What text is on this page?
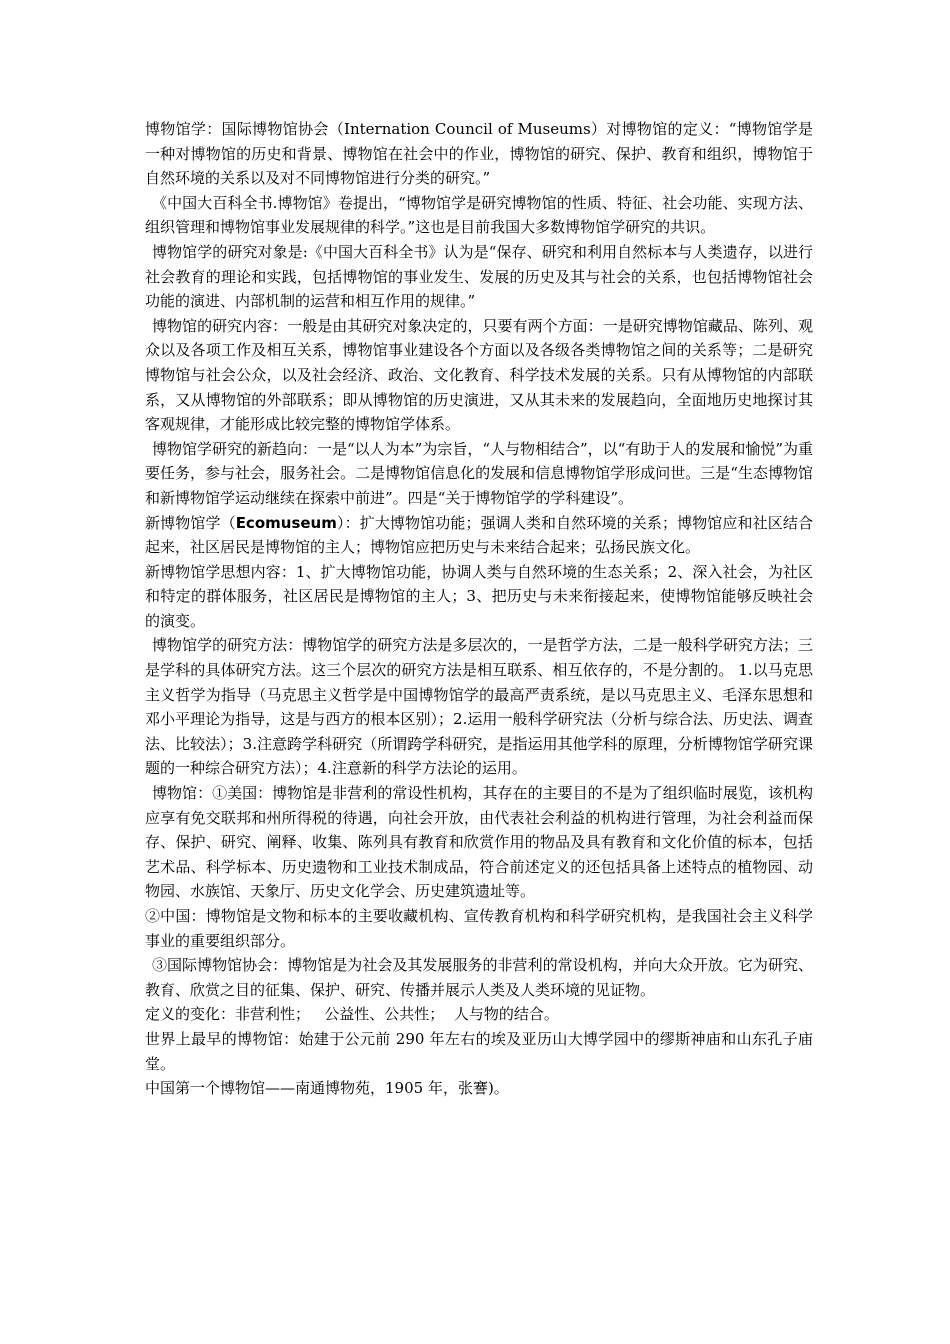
博物馆学：国际博物馆协会（Internation Council of Museums）对博物馆的定义：“博物馆学是一种对博物馆的历史和背景、博物馆在社会中的作业，博物馆的研究、保护、教育和组织，博物馆于自然环境的关系以及对不同博物馆进行分类的研究。”

《中国大百科全书.博物馆》卷提出，“博物馆学是研究博物馆的性质、特征、社会功能、实现方法、组织管理和博物馆事业发展规律的科学。”这也是目前我国大多数博物馆学研究的共识。

博物馆学的研究对象是:《中国大百科全书》认为是“保存、研究和利用自然标本与人类遗存，以进行社会教育的理论和实践，包括博物馆的事业发生、发展的历史及其与社会的关系，也包括博物馆社会功能的演进、内部机制的运营和相互作用的规律。”

博物馆的研究内容：一般是由其研究对象决定的，只要有两个方面：一是研究博物馆藏品、陈列、观众以及各项工作及相互关系，博物馆事业建设各个方面以及各级各类博物馆之间的关系等；二是研究博物馆与社会公众，以及社会经济、政治、文化教育、科学技术发展的关系。只有从博物馆的内部联系，又从博物馆的外部联系；即从博物馆的历史演进，又从其未来的发展趋向，全面地历史地探讨其客观规律，才能形成比较完整的博物馆学体系。

博物馆学研究的新趋向：一是“以人为本”为宗旨，“人与物相结合”，以“有助于人的发展和愉悦”为重要任务，参与社会，服务社会。二是博物馆信息化的发展和信息博物馆学形成问世。三是“生态博物馆和新博物馆学运动继续在探索中前进”。四是“关于博物馆学的学科建设”。

新博物馆学（Ecomuseum）：扩大博物馆功能；强调人类和自然环境的关系；博物馆应和社区结合起来，社区居民是博物馆的主人；博物馆应把历史与未来结合起来；弘扬民族文化。

新博物馆学思想内容：1、扩大博物馆功能，协调人类与自然环境的生态关系；2、深入社会，为社区和特定的群体服务，社区居民是博物馆的主人；3、把历史与未来衔接起来，使博物馆能够反映社会的演变。

博物馆学的研究方法：博物馆学的研究方法是多层次的，一是哲学方法，二是一般科学研究方法；三是学科的具体研究方法。这三个层次的研究方法是相互联系、相互依存的，不是分割的。 1.以马克思主义哲学为指导（马克思主义哲学是中国博物馆学的最高严责系统，是以马克思主义、毛泽东思想和邓小平理论为指导，这是与西方的根本区别）；2.运用一般科学研究法（分析与综合法、历史法、调查法、比较法）；3.注意跨学科研究（所谓跨学科研究，是指运用其他学科的原理，分析博物馆学研究课题的一种综合研究方法）；4.注意新的科学方法论的运用。

博物馆：①美国：博物馆是非营利的常设性机构，其存在的主要目的不是为了组织临时展览，该机构应享有免交联邦和州所得税的待遇，向社会开放，由代表社会利益的机构进行管理，为社会利益而保存、保护、研究、阐释、收集、陈列具有教育和欣赏作用的物品及具有教育和文化价值的标本，包括艺术品、科学标本、历史遗物和工业技术制成品，符合前述定义的还包括具备上述特点的植物园、动物园、水族馆、天象厅、历史文化学会、历史建筑遗址等。

②中国：博物馆是文物和标本的主要收藏机构、宣传教育机构和科学研究机构，是我国社会主义科学事业的重要组织部分。

③国际博物馆协会：博物馆是为社会及其发展服务的非营利的常设机构，并向大众开放。它为研究、教育、欣赏之目的征集、保护、研究、传播并展示人类及人类环境的见证物。

定义的变化：非营利性；   公益性、公共性；  人与物的结合。

世界上最早的博物馆：始建于公元前 290 年左右的埃及亚历山大博学园中的缪斯神庙和山东孔子庙堂。

中国第一个博物馆——南通博物苑，1905 年，张謇)。
